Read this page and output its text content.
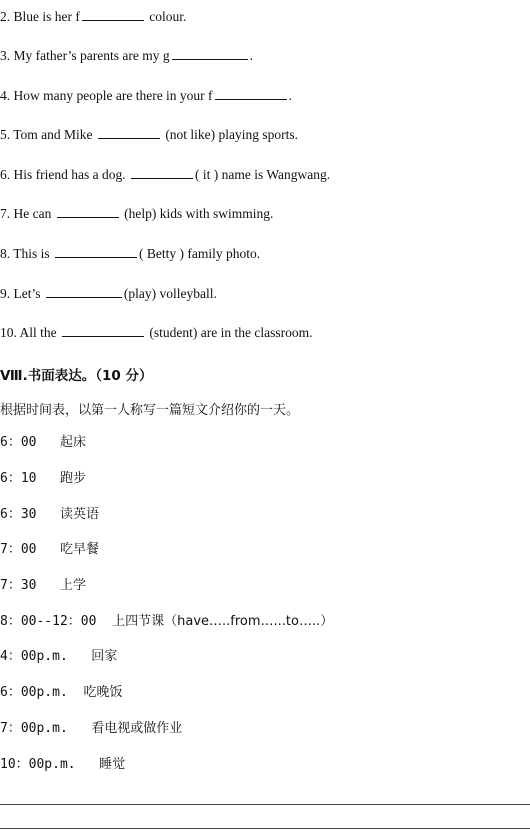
2. Blue is her f	colour.
3. My father’s parents are my g	.
4. How many people are there in your f	.
5. Tom and Mike	(not like) playing sports.
6. His friend has a dog.	( it ) name is Wangwang.
7. He can	(help) kids with swimming.
8. This is	( Betty ) family photo.
9. Let’s	(play) volleyball.
10. All the	(student) are in the classroom.
Ⅷ.书面表达。（10 分）
根据时间表，以第一人称写一篇短文介绍你的一天。
6：00 起床
6：10 跑步
6：30 读英语
7：00 吃早餐
7：30 上学
8：00--12：00 上四节课（have…..from…...to…..）
4：00p.m. 回家
6：00p.m. 吃晚饭
7：00p.m. 看电视或做作业
10：00p.m. 睡觉
